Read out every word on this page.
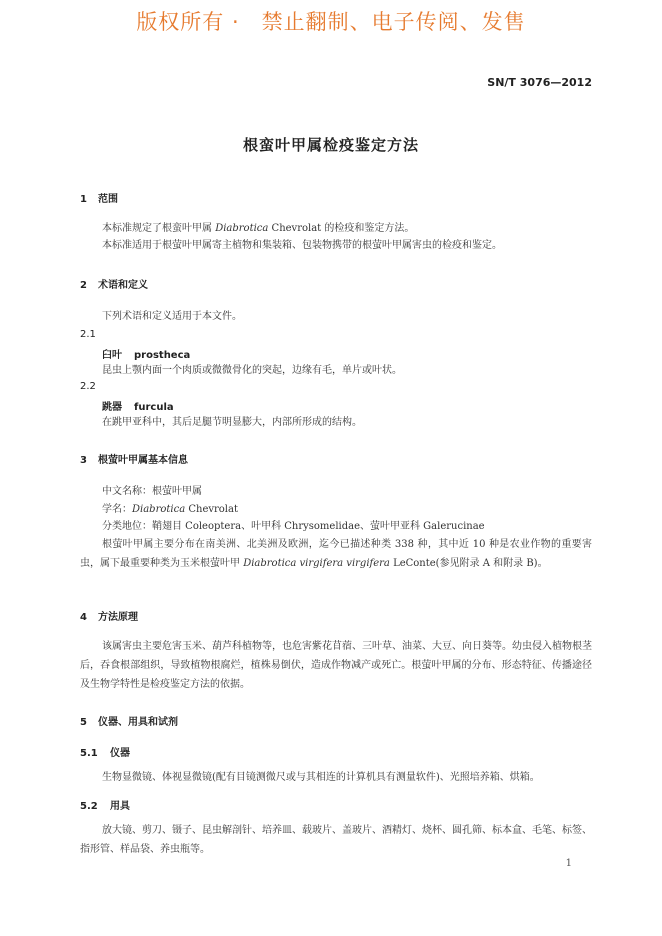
版权所有 ·　禁止翻制、电子传阅、发售
SN/T 3076—2012
根蛮叶甲属检疫鉴定方法
1 范围
本标准规定了根蛮叶甲属 Diabrotica Chevrolat 的检疫和鉴定方法。
本标准适用于根萤叶甲属寄主植物和集装箱、包装物携带的根萤叶甲属害虫的检疫和鉴定。
2 术语和定义
下列术语和定义适用于本文件。
2.1
臼叶 prostheca
昆虫上颚内面一个肉质或微微骨化的突起，边缘有毛，单片或叶状。
2.2
跳器 furcula
在跳甲亚科中，其后足腿节明显膨大，内部所形成的结构。
3 根萤叶甲属基本信息
中文名称：根萤叶甲属
学名：Diabrotica Chevrolat
分类地位：鞘翅目 Coleoptera、叶甲科 Chrysomelidae、萤叶甲亚科 Galerucinae
根萤叶甲属主要分布在南美洲、北美洲及欧洲，迄今已描述种类 338 种，其中近 10 种是农业作物的重要害虫，属下最重要种类为玉米根萤叶甲 Diabrotica virgifera virgifera LeConte(参见附录 A 和附录 B)。
4 方法原理
该属害虫主要危害玉米、葫芦科植物等，也危害紫花苜蓿、三叶草、油菜、大豆、向日葵等。幼虫侵入植物根茎后，吞食根部组织，导致植物根腐烂，植株易倒伏，造成作物减产或死亡。根萤叶甲属的分布、形态特征、传播途径及生物学特性是检疫鉴定方法的依据。
5 仪器、用具和试剂
5.1 仪器
生物显微镜、体视显微镜(配有目镜测微尺或与其相连的计算机具有测量软件)、光照培养箱、烘箱。
5.2 用具
放大镜、剪刀、镊子、昆虫解剖针、培养皿、载玻片、盖玻片、酒精灯、烧杯、圆孔筛、标本盒、毛笔、标签、指形管、样品袋、养虫瓶等。
1
